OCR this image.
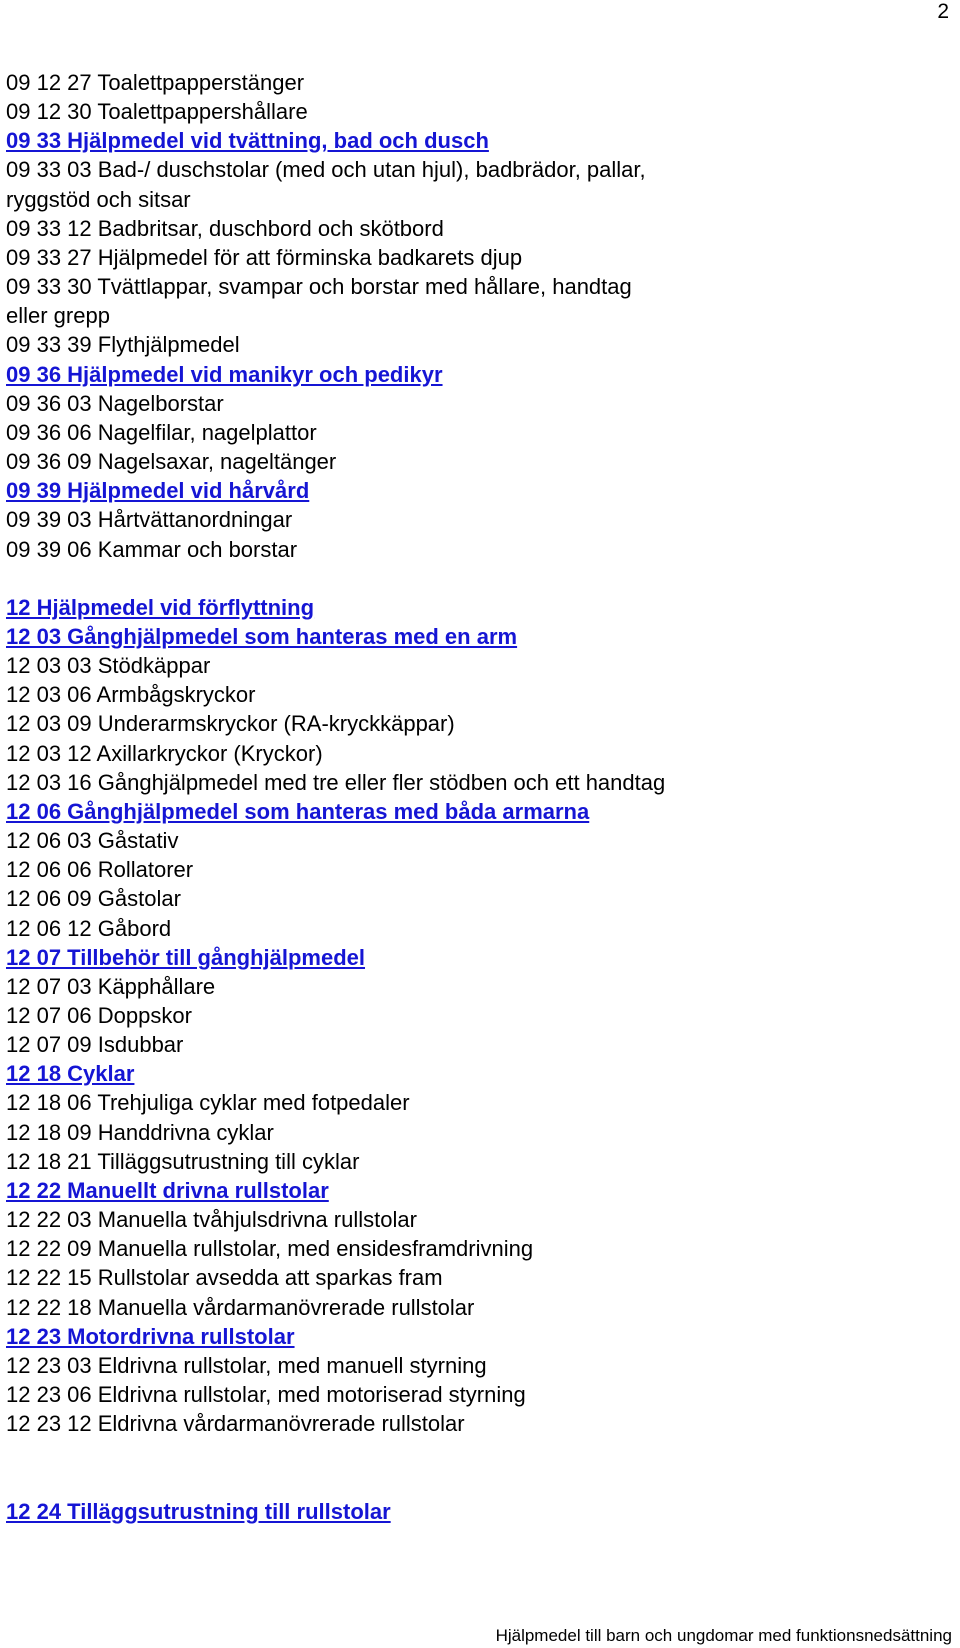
2
09 12 27 Toalettpapperstänger
09 12 30 Toalettpappershållare
09 33 Hjälpmedel vid tvättning, bad och dusch
09 33 03 Bad-/ duschstolar (med och utan hjul), badbrädor, pallar,
ryggstöd och sitsar
09 33 12 Badbritsar, duschbord och skötbord
09 33 27 Hjälpmedel för att förminska badkarets djup
09 33 30 Tvättlappar, svampar och borstar med hållare, handtag
eller grepp
09 33 39 Flythjälpmedel
09 36 Hjälpmedel vid manikyr och pedikyr
09 36 03 Nagelborstar
09 36 06 Nagelfilar, nagelplattor
09 36 09 Nagelsaxar, nageltänger
09 39 Hjälpmedel vid hårvård
09 39 03 Hårtvättanordningar
09 39 06 Kammar och borstar
12 Hjälpmedel vid förflyttning
12 03 Gånghjälpmedel som hanteras med en arm
12 03 03 Stödkäppar
12 03 06 Armbågskryckor
12 03 09 Underarmskryckor (RA-kryckkäppar)
12 03 12 Axillarkryckor (Kryckor)
12 03 16 Gånghjälpmedel med tre eller fler stödben och ett handtag
12 06 Gånghjälpmedel som hanteras med båda armarna
12 06 03 Gåstativ
12 06 06 Rollatorer
12 06 09 Gåstolar
12 06 12 Gåbord
12 07 Tillbehör till gånghjälpmedel
12 07 03 Käpphållare
12 07 06 Doppskor
12 07 09 Isdubbar
12 18 Cyklar
12 18 06 Trehjuliga cyklar med fotpedaler
12 18 09 Handdrivna cyklar
12 18 21 Tilläggsutrustning till cyklar
12 22 Manuellt drivna rullstolar
12 22 03 Manuella tvåhjulsdrivna rullstolar
12 22 09 Manuella rullstolar, med ensidesframdrivning
12 22 15 Rullstolar avsedda att sparkas fram
12 22 18 Manuella vårdarmanövrerade rullstolar
12 23 Motordrivna rullstolar
12 23 03 Eldrivna rullstolar, med manuell styrning
12 23 06 Eldrivna rullstolar, med motoriserad styrning
12 23 12 Eldrivna vårdarmanövrerade rullstolar
12 24 Tilläggsutrustning till rullstolar
Hjälpmedel till barn och ungdomar med funktionsnedsättning
